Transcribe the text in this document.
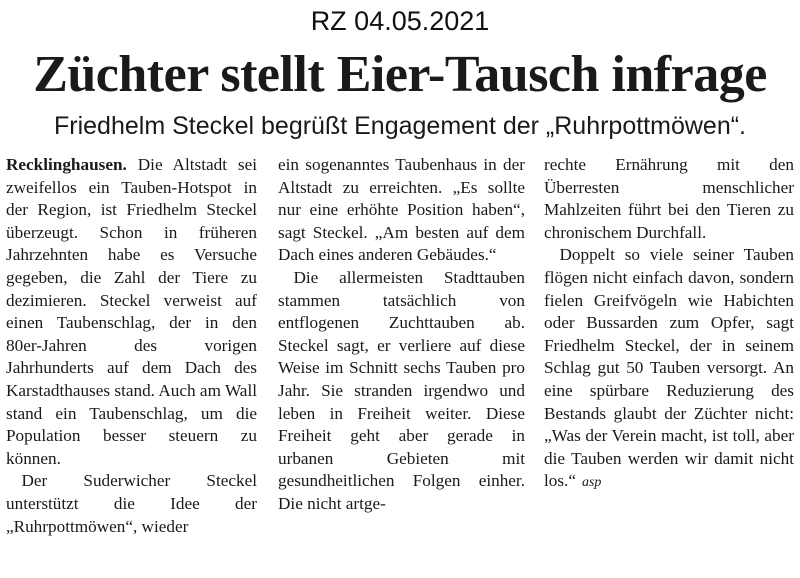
RZ 04.05.2021
Züchter stellt Eier-Tausch infrage
Friedhelm Steckel begrüßt Engagement der „Ruhrpottmöwen“.

Recklinghausen. Die Altstadt sei zweifellos ein Tauben-Hotspot in der Region, ist Friedhelm Steckel überzeugt. Schon in früheren Jahrzehnten habe es Versuche gegeben, die Zahl der Tiere zu dezimieren. Steckel verweist auf einen Taubenschlag, der in den 80er-Jahren des vorigen Jahrhunderts auf dem Dach des Karstadthauses stand. Auch am Wall stand ein Taubenschlag, um die Population besser steuern zu können.

Der Suderwicher Steckel unterstützt die Idee der „Ruhrpottmöwen“, wieder

ein sogenanntes Taubenhaus in der Altstadt zu erreichten. „Es sollte nur eine erhöhte Position haben“, sagt Steckel. „Am besten auf dem Dach eines anderen Gebäudes.“

Die allermeisten Stadttauben stammen tatsächlich von entflogenen Zuchttauben ab. Steckel sagt, er verliere auf diese Weise im Schnitt sechs Tauben pro Jahr. Sie stranden irgendwo und leben in Freiheit weiter. Diese Freiheit geht aber gerade in urbanen Gebieten mit gesundheitlichen Folgen einher. Die nicht artge-

rechte Ernährung mit den Überresten menschlicher Mahlzeiten führt bei den Tieren zu chronischem Durchfall.

Doppelt so viele seiner Tauben flögen nicht einfach davon, sondern fielen Greifvögeln wie Habichten oder Bussarden zum Opfer, sagt Friedhelm Steckel, der in seinem Schlag gut 50 Tauben versorgt. An eine spürbare Reduzierung des Bestands glaubt der Züchter nicht: „Was der Verein macht, ist toll, aber die Tauben werden wir damit nicht los.“ asp
